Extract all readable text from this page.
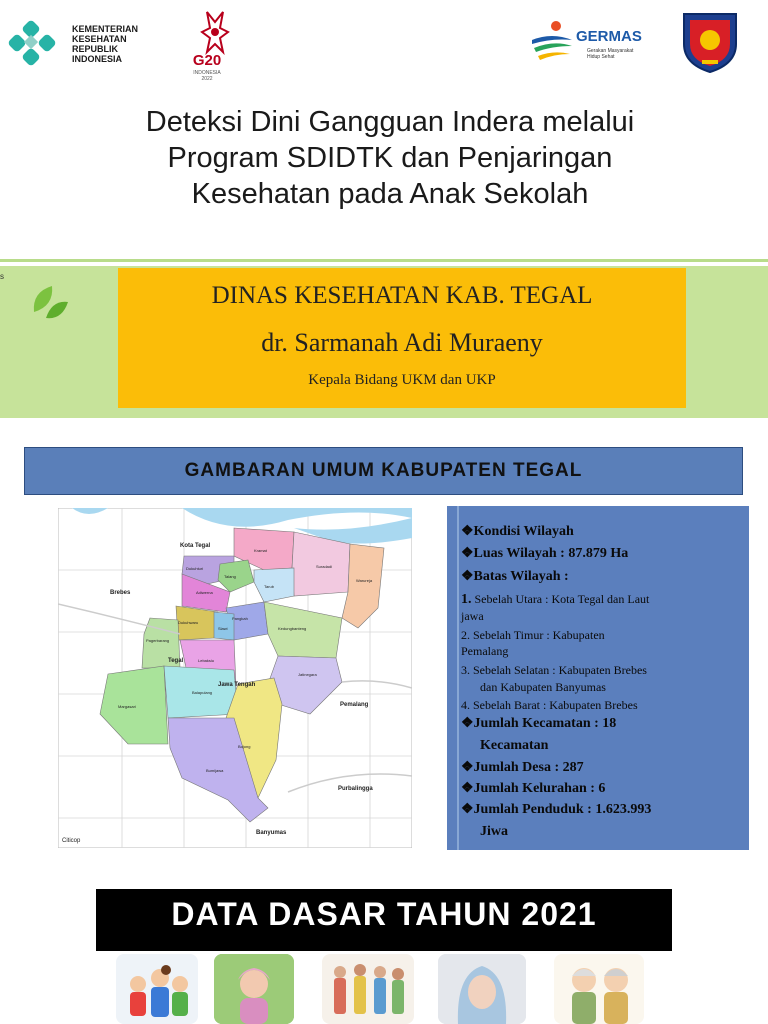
KEMENTERIAN
KESEHATAN
REPUBLIK
INDONESIA	G20
INDONESIA
2022
GERMAS
Gerakan Masyarakat
Hidup Sehat
Deteksi Dini Gangguan Indera melalui
Program SDIDTK dan Penjaringan
Kesehatan pada Anak Sekolah
s
DINAS KESEHATAN KAB. TEGAL
dr. Sarmanah Adi Muraeny
Kepala Bidang UKM dan UKP
GAMBARAN UMUM KABUPATEN TEGAL
Kota Tegal
Brebes
Tegal
Jawa Tengah
Pemalang
Purbalingga
Banyumas
Citicop
Kramat
Suradadi
Warureja
Dukuhturi
Talang
Adiwerna
Tarub
Dukuhwaru
Pangkah
Kedungbanteng
Pagerbarang
Slawi
Lebaksiu
Jatinegara
Margasari
Balapulang
Bojong
Bumijawa
❖Kondisi Wilayah
❖Luas Wilayah : 87.879 Ha
❖Batas Wilayah :
1. Sebelah Utara : Kota Tegal dan Laut
jawa
2. Sebelah Timur : Kabupaten
Pemalang
3. Sebelah Selatan : Kabupaten Brebes
dan Kabupaten Banyumas
4. Sebelah Barat : Kabupaten Brebes
❖Jumlah Kecamatan : 18
Kecamatan
❖Jumlah Desa : 287
❖Jumlah Kelurahan : 6
❖Jumlah Penduduk : 1.623.993
Jiwa
DATA DASAR TAHUN 2021
